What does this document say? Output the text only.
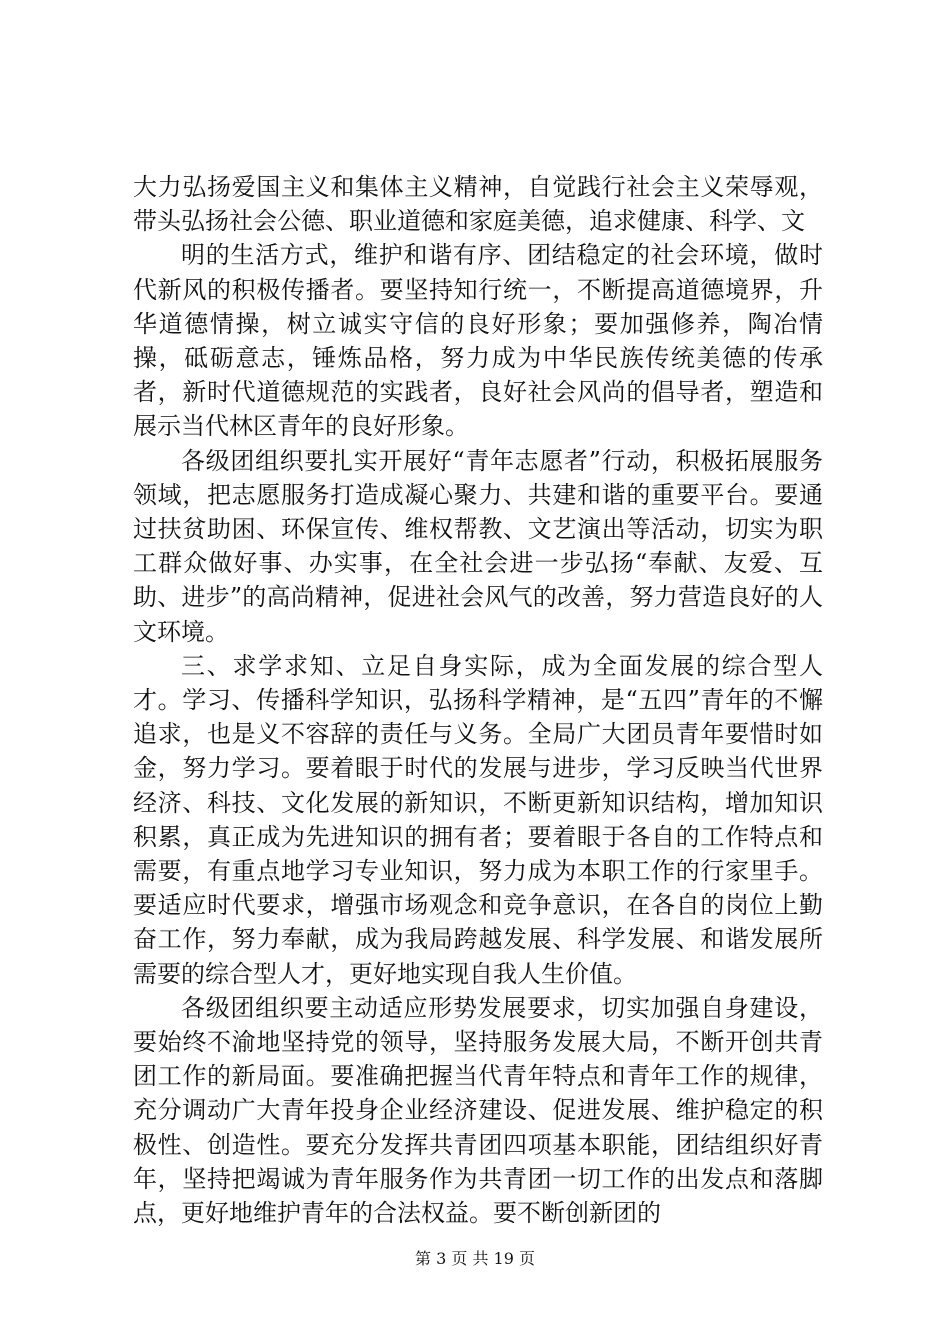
大力弘扬爱国主义和集体主义精神，自觉践行社会主义荣辱观，带头弘扬社会公德、职业道德和家庭美德，追求健康、科学、文

明的生活方式，维护和谐有序、团结稳定的社会环境，做时代新风的积极传播者。要坚持知行统一，不断提高道德境界，升华道德情操，树立诚实守信的良好形象；要加强修养，陶冶情操，砥砺意志，锤炼品格，努力成为中华民族传统美德的传承者，新时代道德规范的实践者，良好社会风尚的倡导者，塑造和展示当代林区青年的良好形象。

各级团组织要扎实开展好“青年志愿者”行动，积极拓展服务领域，把志愿服务打造成凝心聚力、共建和谐的重要平台。要通过扶贫助困、环保宣传、维权帮教、文艺演出等活动，切实为职工群众做好事、办实事，在全社会进一步弘扬“奉献、友爱、互助、进步”的高尚精神，促进社会风气的改善，努力营造良好的人文环境。

三、求学求知、立足自身实际，成为全面发展的综合型人才。学习、传播科学知识，弘扬科学精神，是“五四”青年的不懈追求，也是义不容辞的责任与义务。全局广大团员青年要惜时如金，努力学习。要着眼于时代的发展与进步，学习反映当代世界经济、科技、文化发展的新知识，不断更新知识结构，增加知识积累，真正成为先进知识的拥有者；要着眼于各自的工作特点和需要，有重点地学习专业知识，努力成为本职工作的行家里手。要适应时代要求，增强市场观念和竞争意识，在各自的岗位上勤奋工作，努力奉献，成为我局跨越发展、科学发展、和谐发展所需要的综合型人才，更好地实现自我人生价值。

各级团组织要主动适应形势发展要求，切实加强自身建设，要始终不渝地坚持党的领导，坚持服务发展大局，不断开创共青团工作的新局面。要准确把握当代青年特点和青年工作的规律，充分调动广大青年投身企业经济建设、促进发展、维护稳定的积极性、创造性。要充分发挥共青团四项基本职能，团结组织好青年，坚持把竭诚为青年服务作为共青团一切工作的出发点和落脚点，更好地维护青年的合法权益。要不断创新团的

第 3 页 共 19 页
